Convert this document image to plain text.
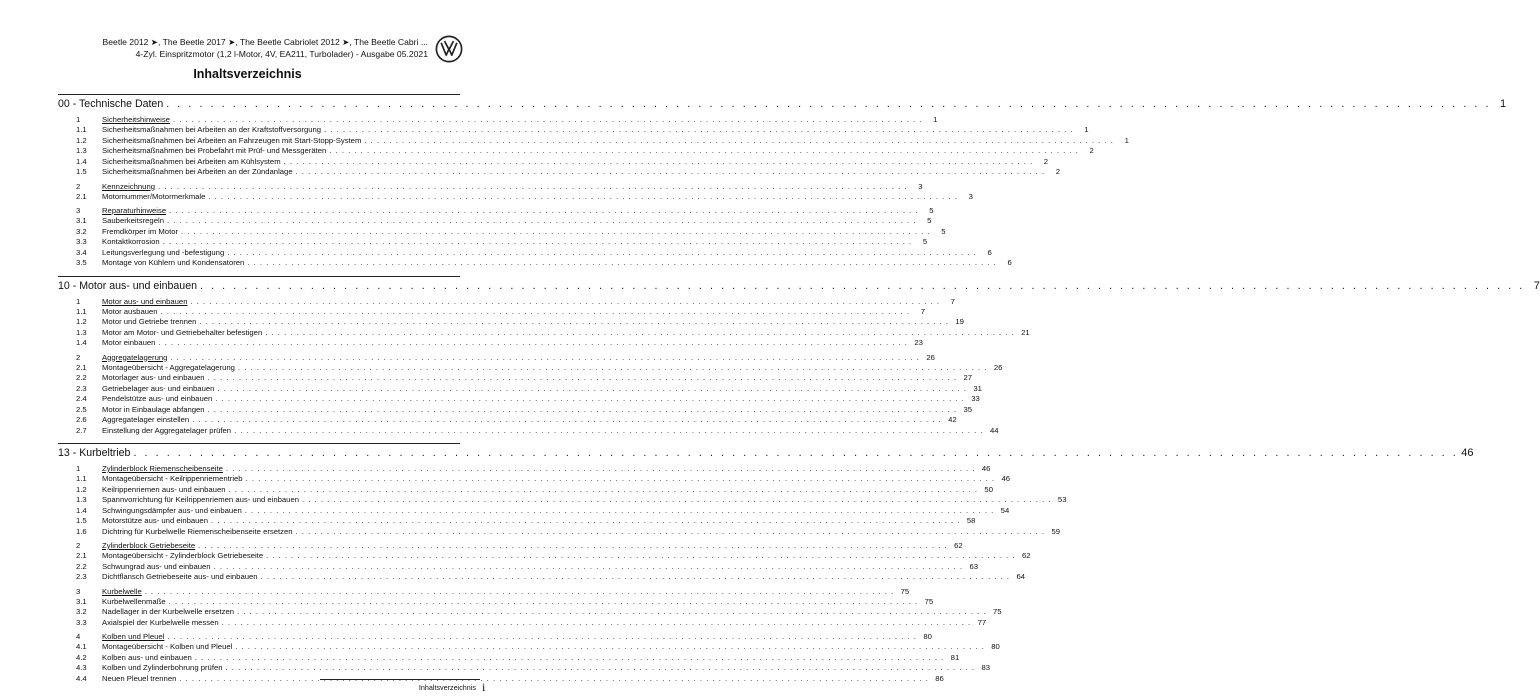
Beetle 2012 ➤, The Beetle 2017 ➤, The Beetle Cabriolet 2012 ➤, The Beetle Cabri ...
4-Zyl. Einspritzmotor (1,2 l-Motor, 4V, EA211, Turbolader) - Ausgabe 05.2021
Inhaltsverzeichnis
00 - Technische Daten . . . . . . . . . . . . . . . . . . . . . . . . . . . . . . . . . . . . . . . . . . . . . . . . . . . . . . . . . . . . . . . . . . . . . . . . . . . . . . . . . . . . . . . . . . . . . . . . . . . . . . . . . . . . . . . . . . . . . . . . 1
1	Sicherheitshinweise . . . . . . . . . . . . . . . . . . . . . . . . . . . . . . . . . . . . . . . . . . . . . . . . . . . . . . . . . . . . . . . . . . . . . . . . . . . . . . . . . . . . . . . . . . . . . . . . . . . . . . . . . . . . . . . . . . . . . . . .	1
1.1	Sicherheitsmaßnahmen bei Arbeiten an der Kraftstoffversorgung . . . . . . . . . . . . . . . . . . . . . . . . . . . . . . . . . . . . . . . . . . . . . . . . . . . . . . . . . . . . . . . . . . . . . . . . . . . . . . . . . . . . . . . . . . . . . . . . . . . . . . . . . . . . . . . . . . . . . . . .	1
1.2	Sicherheitsmaßnahmen bei Arbeiten an Fahrzeugen mit Start-Stopp-System . . . . . . . . . . . . . . . . . . . . . . . . . . . . . . . . . . . . . . . . . . . . . . . . . . . . . . . . . . . . . . . . . . . . . . . . . . . . . . . . . . . . . . . . . . . . . . . . . . . . . . . . . . . . . . . . . . . . . . . .	1
1.3	Sicherheitsmaßnahmen bei Probefahrt mit Prüf- und Messgeräten . . . . . . . . . . . . . . . . . . . . . . . . . . . . . . . . . . . . . . . . . . . . . . . . . . . . . . . . . . . . . . . . . . . . . . . . . . . . . . . . . . . . . . . . . . . . . . . . . . . . . . . . . . . . . . . . . . . . . . . .	2
1.4	Sicherheitsmaßnahmen bei Arbeiten am Kühlsystem . . . . . . . . . . . . . . . . . . . . . . . . . . . . . . . . . . . . . . . . . . . . . . . . . . . . . . . . . . . . . . . . . . . . . . . . . . . . . . . . . . . . . . . . . . . . . . . . . . . . . . . . . . . . . . . . . . . . . . . .	2
1.5	Sicherheitsmaßnahmen bei Arbeiten an der Zündanlage . . . . . . . . . . . . . . . . . . . . . . . . . . . . . . . . . . . . . . . . . . . . . . . . . . . . . . . . . . . . . . . . . . . . . . . . . . . . . . . . . . . . . . . . . . . . . . . . . . . . . . . . . . . . . . . . . . . . . . . .	2
2	Kennzeichnung . . . . . . . . . . . . . . . . . . . . . . . . . . . . . . . . . . . . . . . . . . . . . . . . . . . . . . . . . . . . . . . . . . . . . . . . . . . . . . . . . . . . . . . . . . . . . . . . . . . . . . . . . . . . . . . . . . . . . . . .	3
2.1	Motornummer/Motormerkmale . . . . . . . . . . . . . . . . . . . . . . . . . . . . . . . . . . . . . . . . . . . . . . . . . . . . . . . . . . . . . . . . . . . . . . . . . . . . . . . . . . . . . . . . . . . . . . . . . . . . . . . . . . . . . . . . . . . . . . . .	3
3	Reparaturhinweise . . . . . . . . . . . . . . . . . . . . . . . . . . . . . . . . . . . . . . . . . . . . . . . . . . . . . . . . . . . . . . . . . . . . . . . . . . . . . . . . . . . . . . . . . . . . . . . . . . . . . . . . . . . . . . . . . . . . . . . .	5
3.1	Sauberkeitsregeln . . . . . . . . . . . . . . . . . . . . . . . . . . . . . . . . . . . . . . . . . . . . . . . . . . . . . . . . . . . . . . . . . . . . . . . . . . . . . . . . . . . . . . . . . . . . . . . . . . . . . . . . . . . . . . . . . . . . . . . .	5
3.2	Fremdkörper im Motor . . . . . . . . . . . . . . . . . . . . . . . . . . . . . . . . . . . . . . . . . . . . . . . . . . . . . . . . . . . . . . . . . . . . . . . . . . . . . . . . . . . . . . . . . . . . . . . . . . . . . . . . . . . . . . . . . . . . . . . .	5
3.3	Kontaktkorrosion . . . . . . . . . . . . . . . . . . . . . . . . . . . . . . . . . . . . . . . . . . . . . . . . . . . . . . . . . . . . . . . . . . . . . . . . . . . . . . . . . . . . . . . . . . . . . . . . . . . . . . . . . . . . . . . . . . . . . . . .	5
3.4	Leitungsverlegung und -befestigung . . . . . . . . . . . . . . . . . . . . . . . . . . . . . . . . . . . . . . . . . . . . . . . . . . . . . . . . . . . . . . . . . . . . . . . . . . . . . . . . . . . . . . . . . . . . . . . . . . . . . . . . . . . . . . . . . . . . . . . .	6
3.5	Montage von Kühlern und Kondensatoren . . . . . . . . . . . . . . . . . . . . . . . . . . . . . . . . . . . . . . . . . . . . . . . . . . . . . . . . . . . . . . . . . . . . . . . . . . . . . . . . . . . . . . . . . . . . . . . . . . . . . . . . . . . . . . . . . . . . . . . .	6
10 - Motor aus- und einbauen . . . . . . . . . . . . . . . . . . . . . . . . . . . . . . . . . . . . . . . . . . . . . . . . . . . . . . . . . . . . . . . . . . . . . . . . . . . . . . . . . . . . . . . . . . . . . . . . . . . . . . . . . . . . . . . . . . . . . . . . 7
1	Motor aus- und einbauen . . . . . . . . . . . . . . . . . . . . . . . . . . . . . . . . . . . . . . . . . . . . . . . . . . . . . . . . . . . . . . . . . . . . . . . . . . . . . . . . . . . . . . . . . . . . . . . . . . . . . . . . . . . . . . . . . . . . . . . .	7
1.1	Motor ausbauen . . . . . . . . . . . . . . . . . . . . . . . . . . . . . . . . . . . . . . . . . . . . . . . . . . . . . . . . . . . . . . . . . . . . . . . . . . . . . . . . . . . . . . . . . . . . . . . . . . . . . . . . . . . . . . . . . . . . . . . .	7
1.2	Motor und Getriebe trennen . . . . . . . . . . . . . . . . . . . . . . . . . . . . . . . . . . . . . . . . . . . . . . . . . . . . . . . . . . . . . . . . . . . . . . . . . . . . . . . . . . . . . . . . . . . . . . . . . . . . . . . . . . . . . . . . . . . . . . . . 19
1.3	Motor am Motor- und Getriebehalter befestigen . . . . . . . . . . . . . . . . . . . . . . . . . . . . . . . . . . . . . . . . . . . . . . . . . . . . . . . . . . . . . . . . . . . . . . . . . . . . . . . . . . . . . . . . . . . . . . . . . . . . . . . . . . . . . . . . . . . . . . . . 21
1.4	Motor einbauen . . . . . . . . . . . . . . . . . . . . . . . . . . . . . . . . . . . . . . . . . . . . . . . . . . . . . . . . . . . . . . . . . . . . . . . . . . . . . . . . . . . . . . . . . . . . . . . . . . . . . . . . . . . . . . . . . . . . . . . . 23
2	Aggregatelagerung . . . . . . . . . . . . . . . . . . . . . . . . . . . . . . . . . . . . . . . . . . . . . . . . . . . . . . . . . . . . . . . . . . . . . . . . . . . . . . . . . . . . . . . . . . . . . . . . . . . . . . . . . . . . . . . . . . . . . . . . 26
2.1	Montageübersicht - Aggregatelagerung . . . . . . . . . . . . . . . . . . . . . . . . . . . . . . . . . . . . . . . . . . . . . . . . . . . . . . . . . . . . . . . . . . . . . . . . . . . . . . . . . . . . . . . . . . . . . . . . . . . . . . . . . . . . . . . . . . . . . . . . 26
2.2	Motorlager aus- und einbauen . . . . . . . . . . . . . . . . . . . . . . . . . . . . . . . . . . . . . . . . . . . . . . . . . . . . . . . . . . . . . . . . . . . . . . . . . . . . . . . . . . . . . . . . . . . . . . . . . . . . . . . . . . . . . . . . . . . . . . . . 27
2.3	Getriebelager aus- und einbauen . . . . . . . . . . . . . . . . . . . . . . . . . . . . . . . . . . . . . . . . . . . . . . . . . . . . . . . . . . . . . . . . . . . . . . . . . . . . . . . . . . . . . . . . . . . . . . . . . . . . . . . . . . . . . . . . . . . . . . . . 31
2.4	Pendelstütze aus- und einbauen . . . . . . . . . . . . . . . . . . . . . . . . . . . . . . . . . . . . . . . . . . . . . . . . . . . . . . . . . . . . . . . . . . . . . . . . . . . . . . . . . . . . . . . . . . . . . . . . . . . . . . . . . . . . . . . . . . . . . . . . 33
2.5	Motor in Einbaulage abfangen . . . . . . . . . . . . . . . . . . . . . . . . . . . . . . . . . . . . . . . . . . . . . . . . . . . . . . . . . . . . . . . . . . . . . . . . . . . . . . . . . . . . . . . . . . . . . . . . . . . . . . . . . . . . . . . . . . . . . . . . 35
2.6	Aggregatelager einstellen . . . . . . . . . . . . . . . . . . . . . . . . . . . . . . . . . . . . . . . . . . . . . . . . . . . . . . . . . . . . . . . . . . . . . . . . . . . . . . . . . . . . . . . . . . . . . . . . . . . . . . . . . . . . . . . . . . . . . . . . 42
2.7	Einstellung der Aggregatelager prüfen . . . . . . . . . . . . . . . . . . . . . . . . . . . . . . . . . . . . . . . . . . . . . . . . . . . . . . . . . . . . . . . . . . . . . . . . . . . . . . . . . . . . . . . . . . . . . . . . . . . . . . . . . . . . . . . . . . . . . . . . 44
13 - Kurbeltrieb . . . . . . . . . . . . . . . . . . . . . . . . . . . . . . . . . . . . . . . . . . . . . . . . . . . . . . . . . . . . . . . . . . . . . . . . . . . . . . . . . . . . . . . . . . . . . . . . . . . . . . . . . . . . . . . . . . . . . . . . 46
1	Zylinderblock Riemenscheibenseite . . . . . . . . . . . . . . . . . . . . . . . . . . . . . . . . . . . . . . . . . . . . . . . . . . . . . . . . . . . . . . . . . . . . . . . . . . . . . . . . . . . . . . . . . . . . . . . . . . . . . . . . . . . . . . . . . . . . . . . . 46
1.1	Montageübersicht - Keilrippenriementrieb . . . . . . . . . . . . . . . . . . . . . . . . . . . . . . . . . . . . . . . . . . . . . . . . . . . . . . . . . . . . . . . . . . . . . . . . . . . . . . . . . . . . . . . . . . . . . . . . . . . . . . . . . . . . . . . . . . . . . . . . 46
1.2	Keilrippenriemen aus- und einbauen . . . . . . . . . . . . . . . . . . . . . . . . . . . . . . . . . . . . . . . . . . . . . . . . . . . . . . . . . . . . . . . . . . . . . . . . . . . . . . . . . . . . . . . . . . . . . . . . . . . . . . . . . . . . . . . . . . . . . . . . 50
1.3	Spannvorrichtung für Keilrippenriemen aus- und einbauen . . . . . . . . . . . . . . . . . . . . . . . . . . . . . . . . . . . . . . . . . . . . . . . . . . . . . . . . . . . . . . . . . . . . . . . . . . . . . . . . . . . . . . . . . . . . . . . . . . . . . . . . . . . . . . . . . . . . . . . . 53
1.4	Schwingungsdämpfer aus- und einbauen . . . . . . . . . . . . . . . . . . . . . . . . . . . . . . . . . . . . . . . . . . . . . . . . . . . . . . . . . . . . . . . . . . . . . . . . . . . . . . . . . . . . . . . . . . . . . . . . . . . . . . . . . . . . . . . . . . . . . . . . 54
1.5	Motorstütze aus- und einbauen . . . . . . . . . . . . . . . . . . . . . . . . . . . . . . . . . . . . . . . . . . . . . . . . . . . . . . . . . . . . . . . . . . . . . . . . . . . . . . . . . . . . . . . . . . . . . . . . . . . . . . . . . . . . . . . . . . . . . . . . 58
1.6	Dichtring für Kurbelwelle Riemenscheibenseite ersetzen . . . . . . . . . . . . . . . . . . . . . . . . . . . . . . . . . . . . . . . . . . . . . . . . . . . . . . . . . . . . . . . . . . . . . . . . . . . . . . . . . . . . . . . . . . . . . . . . . . . . . . . . . . . . . . . . . . . . . . . . 59
2	Zylinderblock Getriebeseite . . . . . . . . . . . . . . . . . . . . . . . . . . . . . . . . . . . . . . . . . . . . . . . . . . . . . . . . . . . . . . . . . . . . . . . . . . . . . . . . . . . . . . . . . . . . . . . . . . . . . . . . . . . . . . . . . . . . . . . . 62
2.1	Montageübersicht - Zylinderblock Getriebeseite . . . . . . . . . . . . . . . . . . . . . . . . . . . . . . . . . . . . . . . . . . . . . . . . . . . . . . . . . . . . . . . . . . . . . . . . . . . . . . . . . . . . . . . . . . . . . . . . . . . . . . . . . . . . . . . . . . . . . . . . 62
2.2	Schwungrad aus- und einbauen . . . . . . . . . . . . . . . . . . . . . . . . . . . . . . . . . . . . . . . . . . . . . . . . . . . . . . . . . . . . . . . . . . . . . . . . . . . . . . . . . . . . . . . . . . . . . . . . . . . . . . . . . . . . . . . . . . . . . . . . 63
2.3	Dichtflansch Getriebeseite aus- und einbauen . . . . . . . . . . . . . . . . . . . . . . . . . . . . . . . . . . . . . . . . . . . . . . . . . . . . . . . . . . . . . . . . . . . . . . . . . . . . . . . . . . . . . . . . . . . . . . . . . . . . . . . . . . . . . . . . . . . . . . . . 64
3	Kurbelwelle . . . . . . . . . . . . . . . . . . . . . . . . . . . . . . . . . . . . . . . . . . . . . . . . . . . . . . . . . . . . . . . . . . . . . . . . . . . . . . . . . . . . . . . . . . . . . . . . . . . . . . . . . . . . . . . . . . . . . . . . 75
3.1	Kurbelwellenmaße . . . . . . . . . . . . . . . . . . . . . . . . . . . . . . . . . . . . . . . . . . . . . . . . . . . . . . . . . . . . . . . . . . . . . . . . . . . . . . . . . . . . . . . . . . . . . . . . . . . . . . . . . . . . . . . . . . . . . . . . 75
3.2	Nadellager in der Kurbelwelle ersetzen . . . . . . . . . . . . . . . . . . . . . . . . . . . . . . . . . . . . . . . . . . . . . . . . . . . . . . . . . . . . . . . . . . . . . . . . . . . . . . . . . . . . . . . . . . . . . . . . . . . . . . . . . . . . . . . . . . . . . . . . 75
3.3	Axialspiel der Kurbelwelle messen . . . . . . . . . . . . . . . . . . . . . . . . . . . . . . . . . . . . . . . . . . . . . . . . . . . . . . . . . . . . . . . . . . . . . . . . . . . . . . . . . . . . . . . . . . . . . . . . . . . . . . . . . . . . . . . . . . . . . . . . 77
4	Kolben und Pleuel . . . . . . . . . . . . . . . . . . . . . . . . . . . . . . . . . . . . . . . . . . . . . . . . . . . . . . . . . . . . . . . . . . . . . . . . . . . . . . . . . . . . . . . . . . . . . . . . . . . . . . . . . . . . . . . . . . . . . . . . 80
4.1	Montageübersicht - Kolben und Pleuel . . . . . . . . . . . . . . . . . . . . . . . . . . . . . . . . . . . . . . . . . . . . . . . . . . . . . . . . . . . . . . . . . . . . . . . . . . . . . . . . . . . . . . . . . . . . . . . . . . . . . . . . . . . . . . . . . . . . . . . . 80
4.2	Kolben aus- und einbauen . . . . . . . . . . . . . . . . . . . . . . . . . . . . . . . . . . . . . . . . . . . . . . . . . . . . . . . . . . . . . . . . . . . . . . . . . . . . . . . . . . . . . . . . . . . . . . . . . . . . . . . . . . . . . . . . . . . . . . . . 81
4.3	Kolben und Zylinderbohrung prüfen . . . . . . . . . . . . . . . . . . . . . . . . . . . . . . . . . . . . . . . . . . . . . . . . . . . . . . . . . . . . . . . . . . . . . . . . . . . . . . . . . . . . . . . . . . . . . . . . . . . . . . . . . . . . . . . . . . . . . . . . 83
4.4	Neuen Pleuel trennen . . . . . . . . . . . . . . . . . . . . . . . . . . . . . . . . . . . . . . . . . . . . . . . . . . . . . . . . . . . . . . . . . . . . . . . . . . . . . . . . . . . . . . . . . . . . . . . . . . . . . . . . . . . . . . . . . . . . . . . . 86
Inhaltsverzeichnis i
